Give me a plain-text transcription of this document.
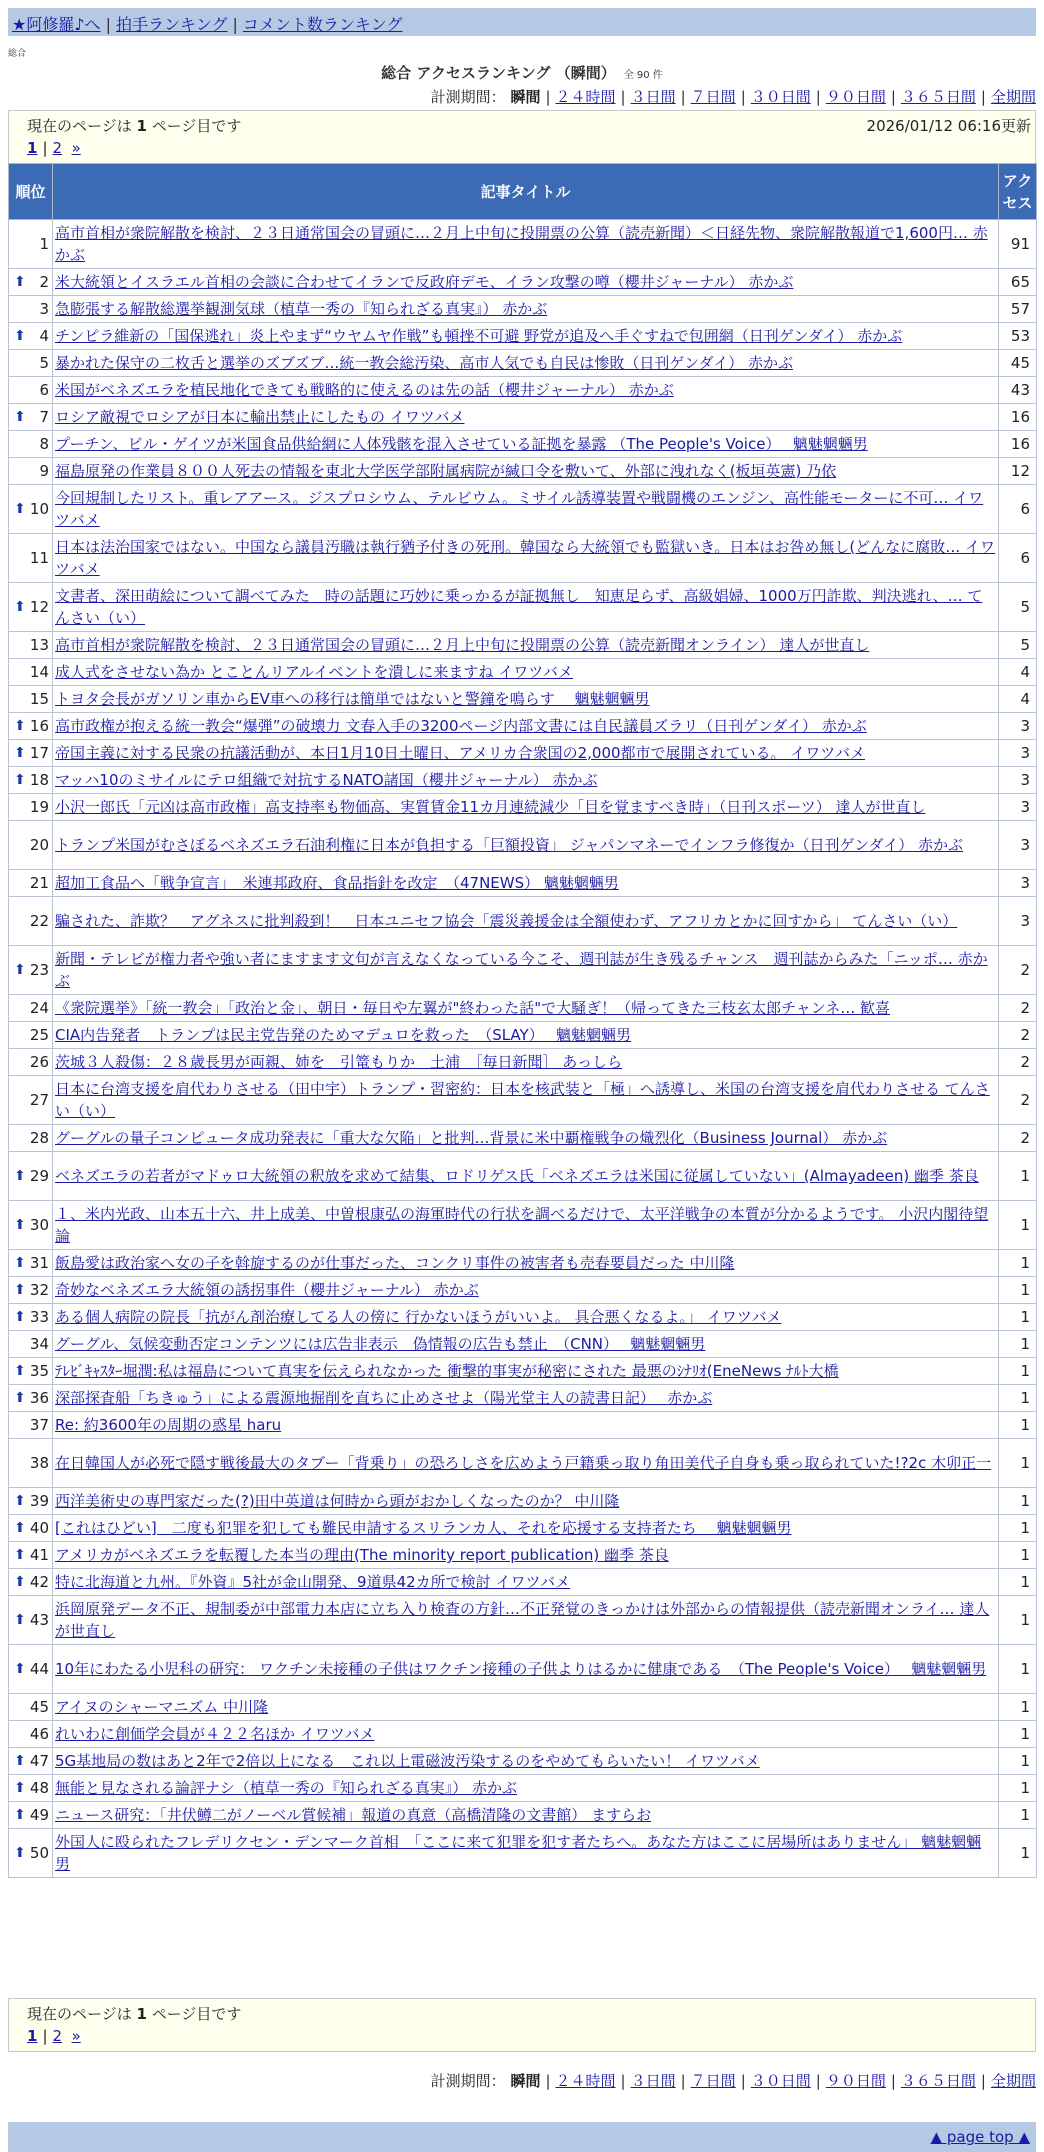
★阿修羅♪へ | 拍手ランキング | コメント数ランキング
総合
総合 アクセスランキング （瞬間） 全 90 件
計測期間： 瞬間 | ２４時間 | ３日間 | ７日間 | ３０日間 | ９０日間 | ３６５日間 | 全期間
現在のページは 1 ページ目です	2026/01/12 06:16更新
1 | 2 »
順位	記事タイトル	アクセス
1	高市首相が衆院解散を検討、２３日通常国会の冒頭に…２月上中旬に投開票の公算（読売新聞）＜日経先物、衆院解散報道で1,600円… 赤かぶ	91

⬆ 2	米大統領とイスラエル首相の会談に合わせてイランで反政府デモ、イラン攻撃の噂（櫻井ジャーナル） 赤かぶ	65
3	急膨張する解散総選挙観測気球（植草一秀の『知られざる真実』） 赤かぶ	57

⬆ 4	チンピラ維新の「国保逃れ」炎上やまず“ウヤムヤ作戦”も頓挫不可避 野党が追及へ手ぐすねで包囲網（日刊ゲンダイ） 赤かぶ	53
5	暴かれた保守の二枚舌と選挙のズブズブ…統一教会総汚染、高市人気でも自民は惨敗（日刊ゲンダイ） 赤かぶ	45
6	米国がベネズエラを植民地化できても戦略的に使えるのは先の話（櫻井ジャーナル） 赤かぶ	43

⬆ 7	ロシア敵視でロシアが日本に輸出禁止にしたもの イワツバメ	16
8	プーチン、ビル・ゲイツが米国食品供給網に人体残骸を混入させている証拠を暴露 （The People's Voice）　 魑魅魍魎男	16
9	福島原発の作業員８００人死去の情報を東北大学医学部附属病院が緘口令を敷いて、外部に洩れなく(板垣英憲) 乃依	12

⬆ 10	今回規制したリスト。重レアアース。ジスプロシウム、テルビウム。ミサイル誘導装置や戦闘機のエンジン、高性能モーターに不可… イワツバメ	6
11	日本は法治国家ではない。中国なら議員汚職は執行猶予付きの死刑。韓国なら大統領でも監獄いき。日本はお咎め無し(どんなに腐敗… イワツバメ	6

⬆ 12	文書者、深田萌絵について調べてみた　時の話題に巧妙に乗っかるが証拠無し　知恵足らず、高級娼婦、1000万円詐欺、判決逃れ、… てんさい（い）	5
13	高市首相が衆院解散を検討、２３日通常国会の冒頭に…２月上中旬に投開票の公算（読売新聞オンライン） 達人が世直し	5
14	成人式をさせない為か とことんリアルイベントを潰しに来ますね イワツバメ	4
15	トヨタ会長がガソリン車からEV車への移行は簡単ではないと警鐘を鳴らす　 魑魅魍魎男	4

⬆ 16	高市政権が抱える統一教会“爆弾”の破壊力 文春入手の3200ページ内部文書には自民議員ズラリ（日刊ゲンダイ） 赤かぶ	3

⬆ 17	帝国主義に対する民衆の抗議活動が、本日1月10日土曜日、アメリカ合衆国の2,000都市で展開されている。 イワツバメ	3

⬆ 18	マッハ10のミサイルにテロ組織で対抗するNATO諸国（櫻井ジャーナル） 赤かぶ	3
19	小沢一郎氏「元凶は高市政権」高支持率も物価高、実質賃金11カ月連続減少「目を覚ますべき時」（日刊スポーツ） 達人が世直し	3
20	トランプ米国がむさぼるベネズエラ石油利権に日本が負担する「巨額投資」 ジャパンマネーでインフラ修復か（日刊ゲンダイ） 赤かぶ	3
21	超加工食品へ「戦争宣言」　米連邦政府、食品指針を改定　（47NEWS） 魑魅魍魎男	3
22	騙された、詐欺？　アグネスに批判殺到！　日本ユニセフ協会「震災義援金は全額使わず、アフリカとかに回すから」 てんさい（い）	3

⬆ 23	新聞・テレビが権力者や強い者にますます文句が言えなくなっている今こそ、週刊誌が生き残るチャンス　週刊誌からみた「ニッポ… 赤かぶ	2
24	《衆院選挙》「統一教会」「政治と金」、朝日・毎日や左翼が"終わった話"で大騒ぎ！（帰ってきた三枝玄太郎チャンネ… 歓喜	2
25	CIA内告発者　トランプは民主党告発のためマデュロを救った　（SLAY）　 魑魅魍魎男	2
26	茨城３人殺傷：２８歳長男が両親、姉を　引篭もりか　土浦　［毎日新聞］ あっしら	2
27	日本に台湾支援を肩代わりさせる（田中宇）トランプ・習密約：日本を核武装と「極」へ誘導し、米国の台湾支援を肩代わりさせる てんさい（い）	2
28	グーグルの量子コンピュータ成功発表に「重大な欠陥」と批判…背景に米中覇権戦争の熾烈化（Business Journal） 赤かぶ	2

⬆ 29	ベネズエラの若者がマドゥロ大統領の釈放を求めて結集、ロドリゲス氏「ベネズエラは米国に従属していない」(Almayadeen) 幽季 茶良	1

⬆ 30	１、米内光政、山本五十六、井上成美、中曽根康弘の海軍時代の行状を調べるだけで、太平洋戦争の本質が分かるようです。 小沢内閣待望論	1

⬆ 31	飯島愛は政治家へ女の子を斡旋するのが仕事だった、コンクリ事件の被害者も売春要員だった 中川隆	1

⬆ 32	奇妙なベネズエラ大統領の誘拐事件（櫻井ジャーナル） 赤かぶ	1

⬆ 33	ある個人病院の院長「抗がん剤治療してる人の傍に 行かないほうがいいよ。 具合悪くなるよ。」 イワツバメ	1
34	グーグル、気候変動否定コンテンツには広告非表示　偽情報の広告も禁止　（CNN）　 魑魅魍魎男	1

⬆ 35	ﾃﾚﾋﾞｷｬｽﾀｰ堀潤:私は福島について真実を伝えられなかった 衝撃的事実が秘密にされた 最悪のｼﾅﾘｵ(EneNews ﾅﾙﾄ大橋	1

⬆ 36	深部探査船「ちきゅう」による震源地掘削を直ちに止めさせよ（陽光堂主人の読書日記）　 赤かぶ	1
37	Re: 約3600年の周期の惑星 haru	1
38	在日韓国人が必死で隠す戦後最大のタブー「背乗り」の恐ろしさを広めよう戸籍乗っ取り角田美代子自身も乗っ取られていた!?2c 木卯正一	1

⬆ 39	西洋美術史の専門家だった(?)田中英道は何時から頭がおかしくなったのか？ 中川隆	1

⬆ 40	[これはひどい]　二度も犯罪を犯しても難民申請するスリランカ人、それを応援する支持者たち　 魑魅魍魎男	1

⬆ 41	アメリカがベネズエラを転覆した本当の理由(The minority report publication) 幽季 茶良	1

⬆ 42	特に北海道と九州。『外資』5社が金山開発、9道県42カ所で検討 イワツバメ	1

⬆ 43	浜岡原発データ不正、規制委が中部電力本店に立ち入り検査の方針…不正発覚のきっかけは外部からの情報提供（読売新聞オンライ… 達人が世直し	1

⬆ 44	10年にわたる小児科の研究： ワクチン未接種の子供はワクチン接種の子供よりはるかに健康である　（The People's Voice）　 魑魅魍魎男	1
45	アイヌのシャーマニズム 中川隆	1
46	れいわに創価学会員が４２２名ほか イワツバメ	1

⬆ 47	5G基地局の数はあと2年で2倍以上になる　これ以上電磁波汚染するのをやめてもらいたい！ イワツバメ	1

⬆ 48	無能と見なされる論評ナシ（植草一秀の『知られざる真実』） 赤かぶ	1

⬆ 49	ニュース研究：「井伏鱒二がノーベル賞候補」報道の真意（高橋清隆の文書館） ますらお	1

⬆ 50	外国人に殴られたフレデリクセン・デンマーク首相　「ここに来て犯罪を犯す者たちへ。あなた方はここに居場所はありません」 魑魅魍魎男	1
現在のページは 1 ページ目です
1 | 2 »
計測期間： 瞬間 | ２４時間 | ３日間 | ７日間 | ３０日間 | ９０日間 | ３６５日間 | 全期間
▲ page top ▲
